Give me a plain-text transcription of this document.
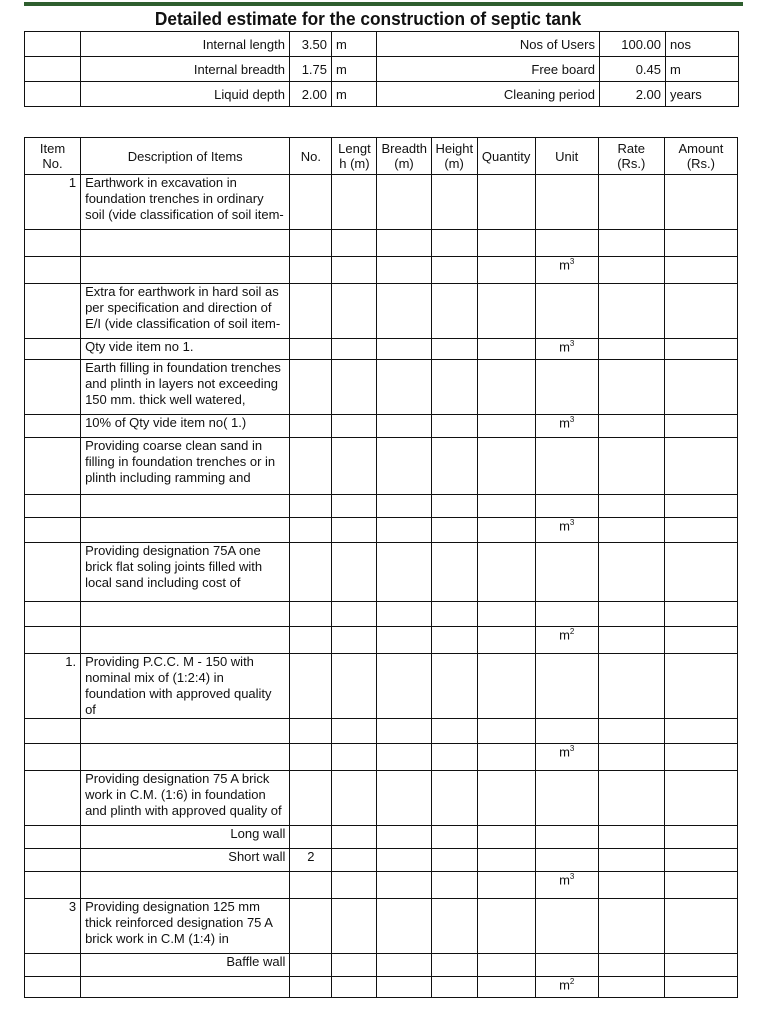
Detailed estimate for the construction of septic tank
	Internal length	3.50	m	Nos of Users	100.00	nos
	Internal breadth	1.75	m	Free board	0.45	m
	Liquid depth	2.00	m	Cleaning period	2.00	years
Item No.	Description of Items	No.	Lengt h (m)	Breadth (m)	Height (m)	Quantity	Unit	Rate (Rs.)	Amount (Rs.)
1	Earthwork in excavation in foundation trenches in ordinary soil (vide classification of soil item-								

							$m^3$		
	Extra for earthwork in hard soil as per specification and direction of E/I (vide classification of soil item-								
	Qty vide item no 1.						$m^3$		
	Earth filling in foundation trenches and plinth in layers not exceeding 150 mm. thick well watered,								
	10% of Qty vide item no( 1.)						$m^3$		
	Providing coarse clean sand in filling in foundation trenches or in plinth including ramming and								

							$m^3$		
	Providing designation 75A one brick flat soling joints filled with local sand including cost of								

							$m^2$		
1.	Providing P.C.C. M - 150 with nominal mix of (1:2:4) in foundation with approved quality of								

							$m^3$		
	Providing designation 75 A brick work in C.M. (1:6) in foundation and plinth with approved quality of								
	Long wall								
	Short wall	2							
							$m^3$		
3	Providing designation 125 mm thick reinforced designation 75 A brick work in C.M (1:4) in								
	Baffle wall								
							$m^2$		
